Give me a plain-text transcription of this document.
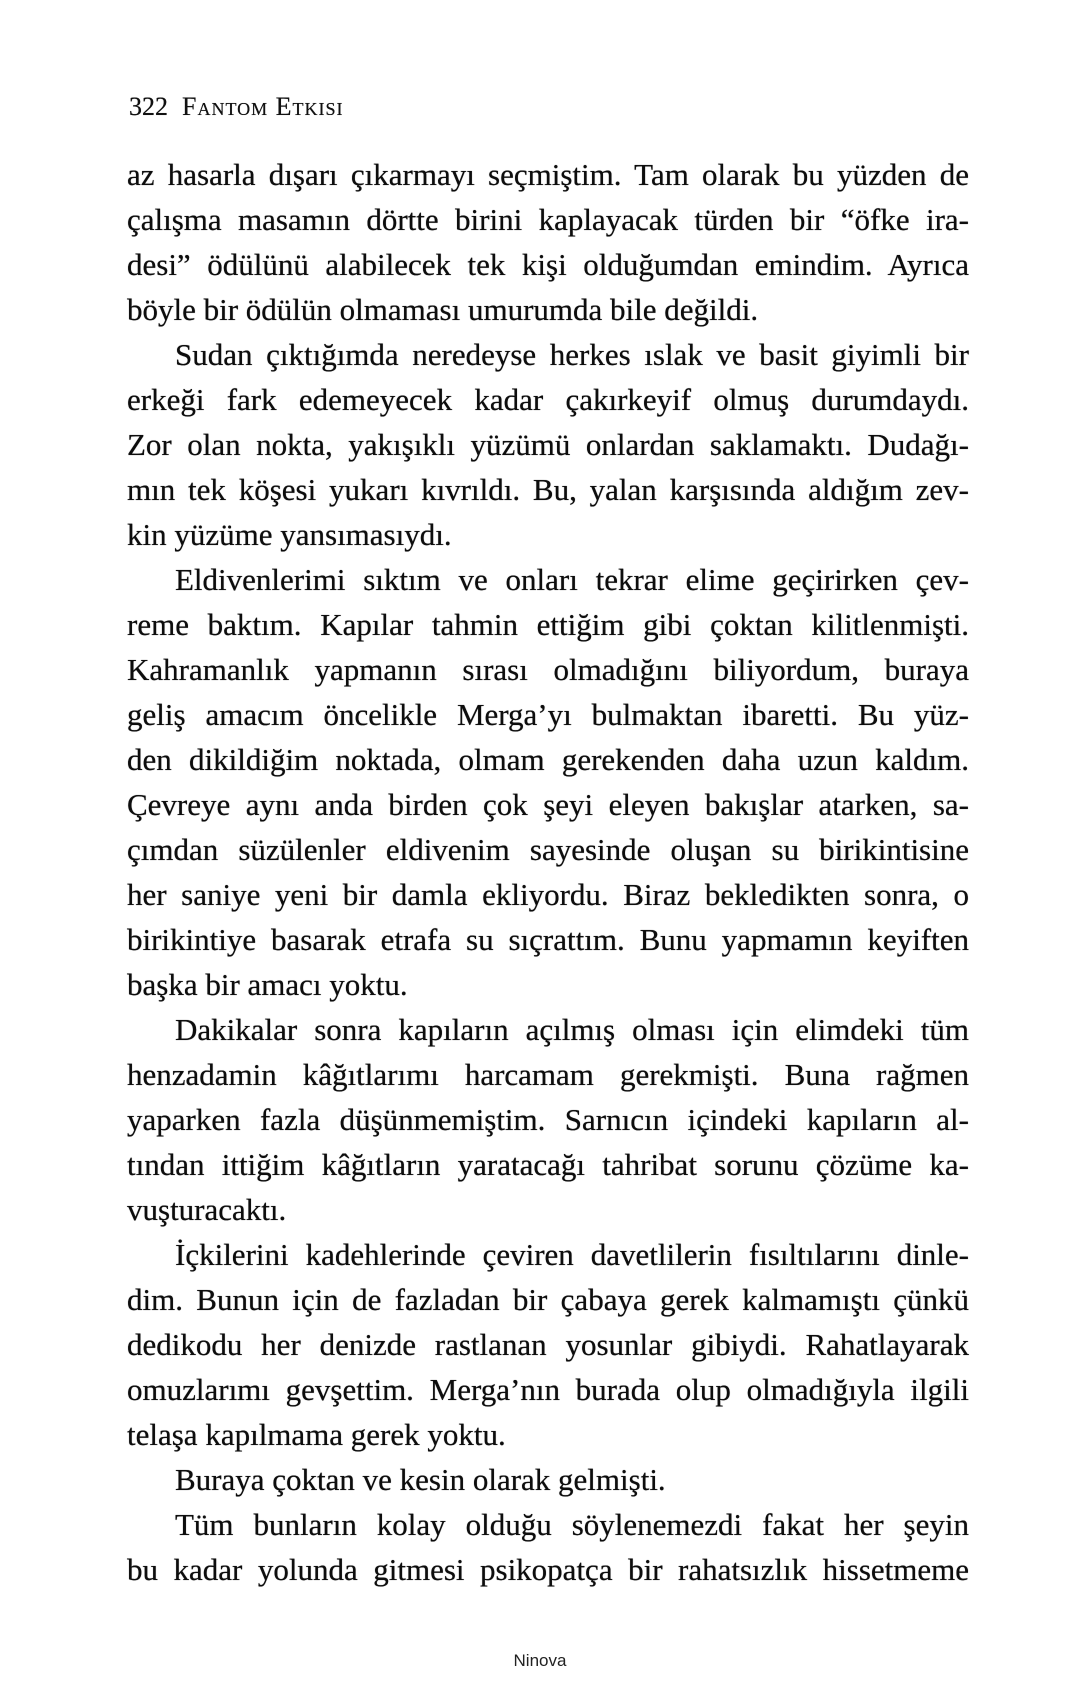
322 Fantom Etkisi
az hasarla dışarı çıkarmayı seçmiştim. Tam olarak bu yüzden de
çalışma masamın dörtte birini kaplayacak türden bir “öfke ira-
desi” ödülünü alabilecek tek kişi olduğumdan emindim. Ayrıca
böyle bir ödülün olmaması umurumda bile değildi.
Sudan çıktığımda neredeyse herkes ıslak ve basit giyimli bir
erkeği fark edemeyecek kadar çakırkeyif olmuş durumdaydı.
Zor olan nokta, yakışıklı yüzümü onlardan saklamaktı. Dudağı-
mın tek köşesi yukarı kıvrıldı. Bu, yalan karşısında aldığım zev-
kin yüzüme yansımasıydı.
Eldivenlerimi sıktım ve onları tekrar elime geçirirken çev-
reme baktım. Kapılar tahmin ettiğim gibi çoktan kilitlenmişti.
Kahramanlık yapmanın sırası olmadığını biliyordum, buraya
geliş amacım öncelikle Merga’yı bulmaktan ibaretti. Bu yüz-
den dikildiğim noktada, olmam gerekenden daha uzun kaldım.
Çevreye aynı anda birden çok şeyi eleyen bakışlar atarken, sa-
çımdan süzülenler eldivenim sayesinde oluşan su birikintisine
her saniye yeni bir damla ekliyordu. Biraz bekledikten sonra, o
birikintiye basarak etrafa su sıçrattım. Bunu yapmamın keyiften
başka bir amacı yoktu.
Dakikalar sonra kapıların açılmış olması için elimdeki tüm
henzadamin kâğıtlarımı harcamam gerekmişti. Buna rağmen
yaparken fazla düşünmemiştim. Sarnıcın içindeki kapıların al-
tından ittiğim kâğıtların yaratacağı tahribat sorunu çözüme ka-
vuşturacaktı.
İçkilerini kadehlerinde çeviren davetlilerin fısıltılarını dinle-
dim. Bunun için de fazladan bir çabaya gerek kalmamıştı çünkü
dedikodu her denizde rastlanan yosunlar gibiydi. Rahatlayarak
omuzlarımı gevşettim. Merga’nın burada olup olmadığıyla ilgili
telaşa kapılmama gerek yoktu.
Buraya çoktan ve kesin olarak gelmişti.
Tüm bunların kolay olduğu söylenemezdi fakat her şeyin
bu kadar yolunda gitmesi psikopatça bir rahatsızlık hissetmeme
Ninova
